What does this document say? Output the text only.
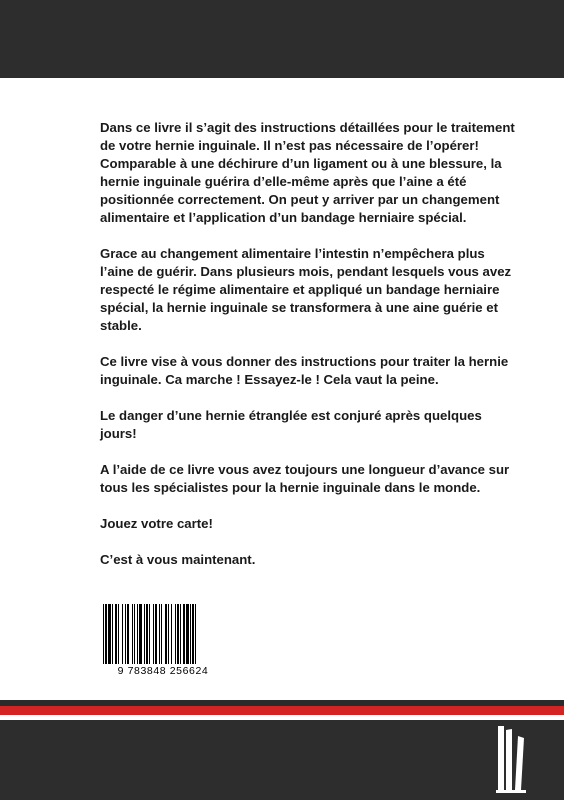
Dans ce livre il s’agit des instructions détaillées pour le traitement de votre hernie inguinale. Il n’est pas nécessaire de l’opérer! Comparable à une déchirure d’un ligament ou à une blessure, la hernie inguinale guérira d’elle-même après que l’aine a été positionnée correctement. On peut y arriver par un changement alimentaire et l’application d’un bandage herniaire spécial.

Grace au changement alimentaire l’intestin n’empêchera plus l’aine de guérir. Dans plusieurs mois, pendant lesquels vous avez respecté le régime alimentaire et appliqué un bandage herniaire spécial, la hernie inguinale se transformera à une aine guérie et stable.

Ce livre vise à vous donner des instructions pour traiter la hernie inguinale. Ca marche ! Essayez-le ! Cela vaut la peine.

Le danger d’une hernie étranglée est conjuré après quelques jours!

A l’aide de ce livre vous avez toujours une longueur d’avance sur tous les spécialistes pour la hernie inguinale dans le monde.

Jouez votre carte!

C’est à vous maintenant.

9 783848 256624
